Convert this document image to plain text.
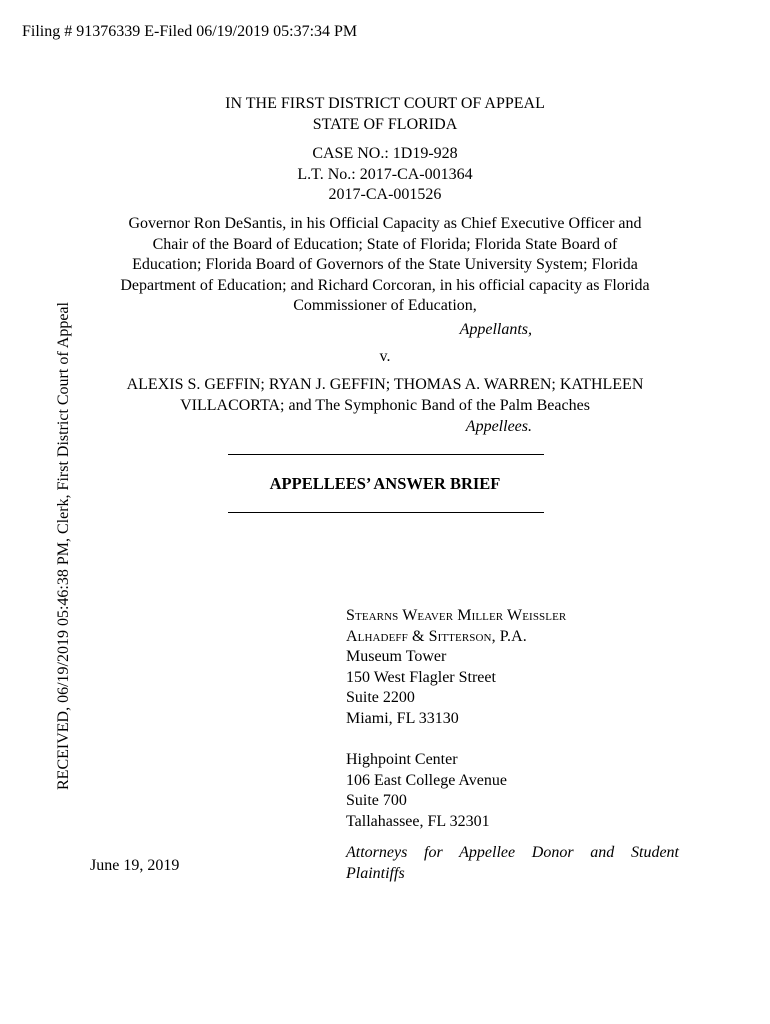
Filing # 91376339 E-Filed 06/19/2019 05:37:34 PM
RECEIVED, 06/19/2019 05:46:38 PM, Clerk, First District Court of Appeal
IN THE FIRST DISTRICT COURT OF APPEAL
STATE OF FLORIDA
CASE NO.: 1D19-928
L.T. No.: 2017-CA-001364
2017-CA-001526
Governor Ron DeSantis, in his Official Capacity as Chief Executive Officer and
Chair of the Board of Education; State of Florida; Florida State Board of
Education; Florida Board of Governors of the State University System; Florida
Department of Education; and Richard Corcoran, in his official capacity as Florida
Commissioner of Education,
Appellants,
v.
ALEXIS S. GEFFIN; RYAN J. GEFFIN; THOMAS A. WARREN; KATHLEEN
VILLACORTA; and The Symphonic Band of the Palm Beaches
Appellees.
APPELLEES’ ANSWER BRIEF
Stearns Weaver Miller Weissler
Alhadeff & Sitterson, P.A.
Museum Tower
150 West Flagler Street
Suite 2200
Miami, FL 33130
Highpoint Center
106 East College Avenue
Suite 700
Tallahassee, FL 32301
June 19, 2019
Attorneys for Appellee Donor and Student
Plaintiffs
